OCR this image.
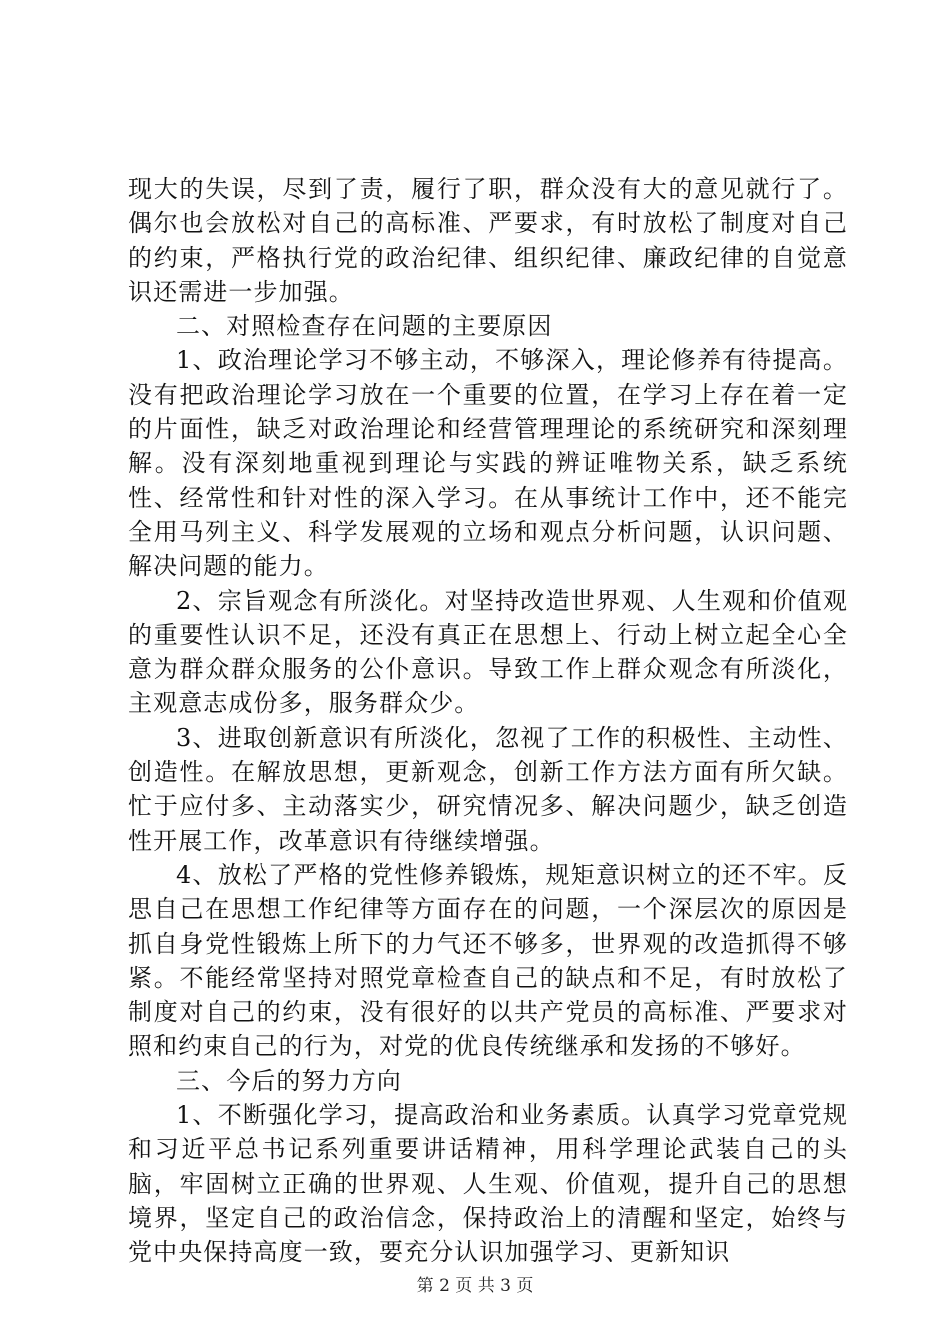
现大的失误，尽到了责，履行了职，群众没有大的意见就行了。偶尔也会放松对自己的高标准、严要求，有时放松了制度对自己的约束，严格执行党的政治纪律、组织纪律、廉政纪律的自觉意识还需进一步加强。

二、对照检查存在问题的主要原因

1、政治理论学习不够主动，不够深入，理论修养有待提高。没有把政治理论学习放在一个重要的位置，在学习上存在着一定的片面性，缺乏对政治理论和经营管理理论的系统研究和深刻理解。没有深刻地重视到理论与实践的辨证唯物关系，缺乏系统性、经常性和针对性的深入学习。在从事统计工作中，还不能完全用马列主义、科学发展观的立场和观点分析问题，认识问题、解决问题的能力。

2、宗旨观念有所淡化。对坚持改造世界观、人生观和价值观的重要性认识不足，还没有真正在思想上、行动上树立起全心全意为群众群众服务的公仆意识。导致工作上群众观念有所淡化，主观意志成份多，服务群众少。

3、进取创新意识有所淡化，忽视了工作的积极性、主动性、创造性。在解放思想，更新观念，创新工作方法方面有所欠缺。忙于应付多、主动落实少，研究情况多、解决问题少，缺乏创造性开展工作，改革意识有待继续增强。

4、放松了严格的党性修养锻炼，规矩意识树立的还不牢。反思自己在思想工作纪律等方面存在的问题，一个深层次的原因是抓自身党性锻炼上所下的力气还不够多，世界观的改造抓得不够紧。不能经常坚持对照党章检查自己的缺点和不足，有时放松了制度对自己的约束，没有很好的以共产党员的高标准、严要求对照和约束自己的行为，对党的优良传统继承和发扬的不够好。

三、今后的努力方向

1、不断强化学习，提高政治和业务素质。认真学习党章党规和习近平总书记系列重要讲话精神，用科学理论武装自己的头脑，牢固树立正确的世界观、人生观、价值观，提升自己的思想境界，坚定自己的政治信念，保持政治上的清醒和坚定，始终与党中央保持高度一致，要充分认识加强学习、更新知识

第 2 页 共 3 页
